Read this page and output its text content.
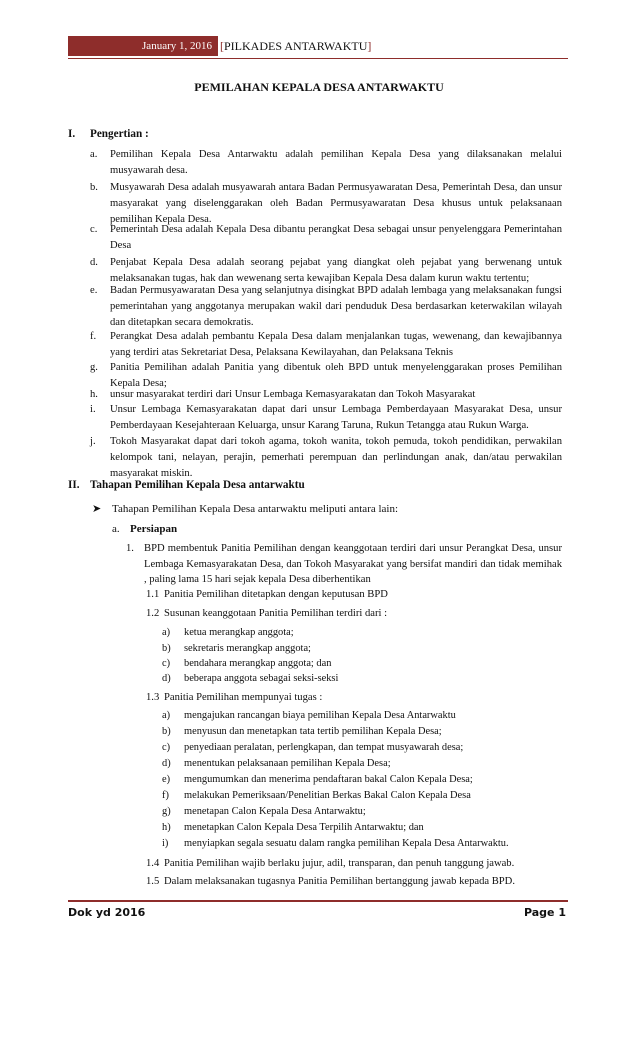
January 1, 2016 [PILKADES ANTARWAKTU]
PEMILAHAN KEPALA DESA ANTARWAKTU
I. Pengertian :
a. Pemilihan Kepala Desa Antarwaktu adalah pemilihan Kepala Desa yang dilaksanakan melalui musyawarah desa.
b. Musyawarah Desa adalah musyawarah antara Badan Permusyawaratan Desa, Pemerintah Desa, dan unsur masyarakat yang diselenggarakan oleh Badan Permusyawaratan Desa khusus untuk pelaksanaan pemilihan Kepala Desa.
c. Pemerintah Desa adalah Kepala Desa dibantu perangkat Desa sebagai unsur penyelenggara Pemerintahan Desa
d. Penjabat Kepala Desa adalah seorang pejabat yang diangkat oleh pejabat yang berwenang untuk melaksanakan tugas, hak dan wewenang serta kewajiban Kepala Desa dalam kurun waktu tertentu;
e. Badan Permusyawaratan Desa yang selanjutnya disingkat BPD adalah lembaga yang melaksanakan fungsi pemerintahan yang anggotanya merupakan wakil dari penduduk Desa berdasarkan keterwakilan wilayah dan ditetapkan secara demokratis.
f. Perangkat Desa adalah pembantu Kepala Desa dalam menjalankan tugas, wewenang, dan kewajibannya yang terdiri atas Sekretariat Desa, Pelaksana Kewilayahan, dan Pelaksana Teknis
g. Panitia Pemilihan adalah Panitia yang dibentuk oleh BPD untuk menyelenggarakan proses Pemilihan Kepala Desa;
h. unsur masyarakat terdiri dari Unsur Lembaga Kemasyarakatan dan Tokoh Masyarakat
i. Unsur Lembaga Kemasyarakatan dapat dari unsur Lembaga Pemberdayaan Masyarakat Desa, unsur Pemberdayaan Kesejahteraan Keluarga, unsur Karang Taruna, Rukun Tetangga atau Rukun Warga.
j. Tokoh Masyarakat dapat dari tokoh agama, tokoh wanita, tokoh pemuda, tokoh pendidikan, perwakilan kelompok tani, nelayan, perajin, pemerhati perempuan dan perlindungan anak, dan/atau perwakilan masyarakat miskin.
II. Tahapan Pemilihan Kepala Desa antarwaktu
➤ Tahapan Pemilihan Kepala Desa antarwaktu meliputi antara lain:
a. Persiapan
1. BPD membentuk Panitia Pemilihan dengan keanggotaan terdiri dari unsur Perangkat Desa, unsur Lembaga Kemasyarakatan Desa, dan Tokoh Masyarakat yang bersifat mandiri dan tidak memihak , paling lama 15 hari sejak kepala Desa diberhentikan
1.1 Panitia Pemilihan ditetapkan dengan keputusan BPD
1.2 Susunan keanggotaan Panitia Pemilihan terdiri dari :
a) ketua merangkap anggota;
b) sekretaris merangkap anggota;
c) bendahara merangkap anggota; dan
d) beberapa anggota sebagai seksi-seksi
1.3 Panitia Pemilihan mempunyai tugas :
a) mengajukan rancangan biaya pemilihan Kepala Desa Antarwaktu
b) menyusun dan menetapkan tata tertib pemilihan Kepala Desa;
c) penyediaan peralatan, perlengkapan, dan tempat musyawarah desa;
d) menentukan pelaksanaan pemilihan Kepala Desa;
e) mengumumkan dan menerima pendaftaran bakal Calon Kepala Desa;
f) melakukan Pemeriksaan/Penelitian Berkas Bakal Calon Kepala Desa
g) menetapan Calon Kepala Desa Antarwaktu;
h) menetapkan Calon Kepala Desa Terpilih Antarwaktu; dan
i) menyiapkan segala sesuatu dalam rangka pemilihan Kepala Desa Antarwaktu.
1.4 Panitia Pemilihan wajib berlaku jujur, adil, transparan, dan penuh tanggung jawab.
1.5 Dalam melaksanakan tugasnya Panitia Pemilihan bertanggung jawab kepada BPD.
Dok yd 2016	Page 1
